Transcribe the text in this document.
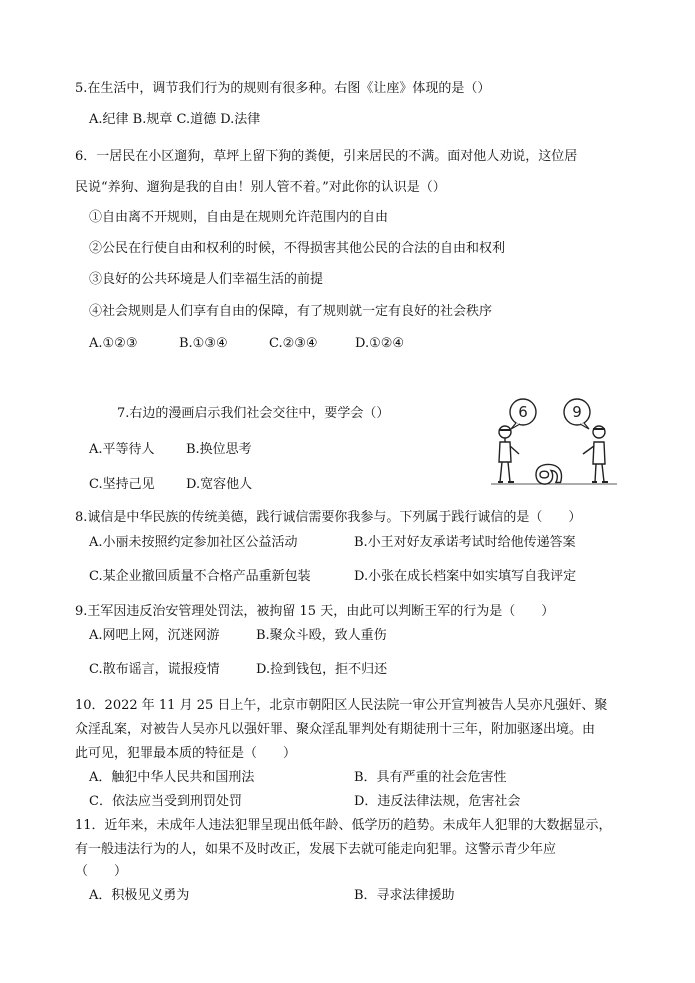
5.在生活中，调节我们行为的规则有很多种。右图《让座》体现的是（）
A.纪律 B.规章 C.道德 D.法律
6．一居民在小区遛狗，草坪上留下狗的粪便，引来居民的不满。面对他人劝说，这位居
民说“养狗、遛狗是我的自由！别人管不着。”对此你的认识是（）
①自由离不开规则，自由是在规则允许范围内的自由
②公民在行使自由和权利的时候，不得损害其他公民的合法的自由和权利
③良好的公共环境是人们幸福生活的前提
④社会规则是人们享有自由的保障，有了规则就一定有良好的社会秩序
A.①②③	B.①③④	C.②③④	D.①②④
7.右边的漫画启示我们社会交往中，要学会（）
A.平等待人 B.换位思考
C.坚持己见 D.宽容他人
6	9
9
8.诚信是中华民族的传统美德，践行诚信需要你我参与。下列属于践行诚信的是（　　）
A.小丽未按照约定参加社区公益活动	B.小王对好友承诺考试时给他传递答案
C.某企业撤回质量不合格产品重新包装	D.小张在成长档案中如实填写自我评定
9.王军因违反治安管理处罚法，被拘留 15 天，由此可以判断王军的行为是（　　）
A.网吧上网，沉迷网游	B.聚众斗殴，致人重伤
C.散布谣言，谎报疫情	D.捡到钱包，拒不归还
10．2022 年 11 月 25 日上午，北京市朝阳区人民法院一审公开宣判被告人吴亦凡强奸、聚
众淫乱案，对被告人吴亦凡以强奸罪、聚众淫乱罪判处有期徒刑十三年，附加驱逐出境。由
此可见，犯罪最本质的特征是（　　）
A．触犯中华人民共和国刑法	B．具有严重的社会危害性
C．依法应当受到刑罚处罚	D．违反法律法规，危害社会
11．近年来，未成年人违法犯罪呈现出低年龄、低学历的趋势。未成年人犯罪的大数据显示，
有一般违法行为的人，如果不及时改正，发展下去就可能走向犯罪。这警示青少年应
（　　）
A．积极见义勇为	B．寻求法律援助
